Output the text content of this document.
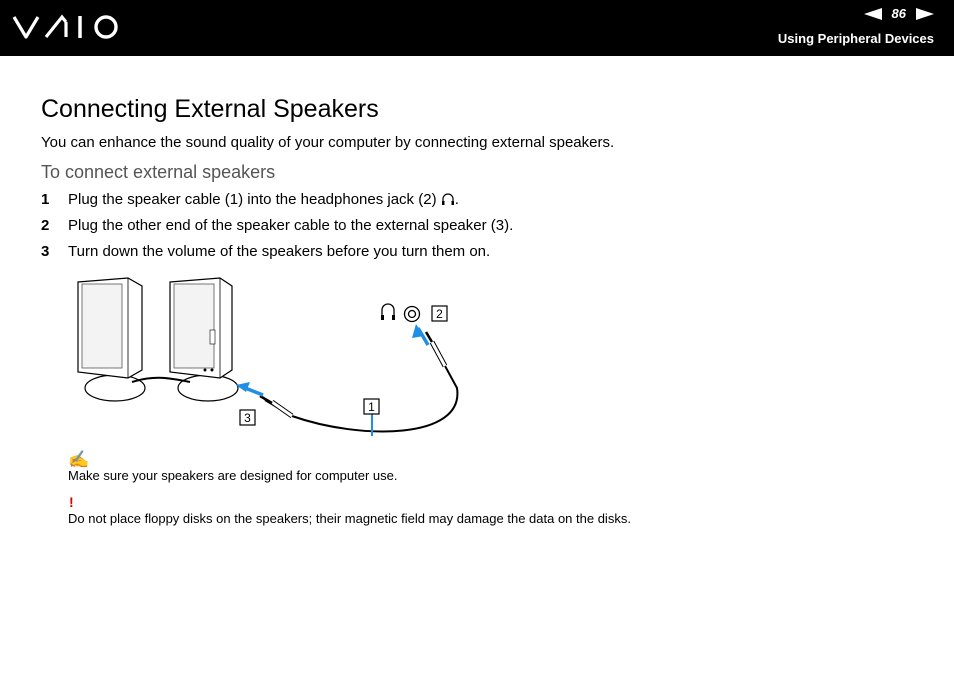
86
Using Peripheral Devices
Connecting External Speakers
You can enhance the sound quality of your computer by connecting external speakers.
To connect external speakers
1 Plug the speaker cable (1) into the headphones jack (2) .
2 Plug the other end of the speaker cable to the external speaker (3).
3 Turn down the volume of the speakers before you turn them on.
2
1
3
✍
Make sure your speakers are designed for computer use.
!
Do not place floppy disks on the speakers; their magnetic field may damage the data on the disks.
